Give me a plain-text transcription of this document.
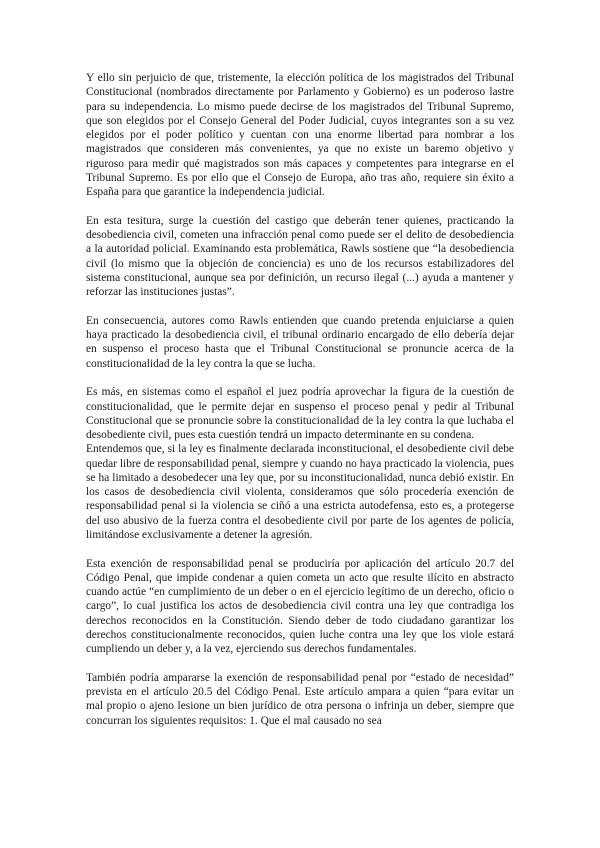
Y ello sin perjuicio de que, tristemente, la elección política de los magistrados del Tribunal Constitucional (nombrados directamente por Parlamento y Gobierno) es un poderoso lastre para su independencia. Lo mismo puede decirse de los magistrados del Tribunal Supremo, que son elegidos por el Consejo General del Poder Judicial, cuyos integrantes son a su vez elegidos por el poder político y cuentan con una enorme libertad para nombrar a los magistrados que consideren más convenientes, ya que no existe un baremo objetivo y riguroso para medir qué magistrados son más capaces y competentes para integrarse en el Tribunal Supremo. Es por ello que el Consejo de Europa, año tras año, requiere sin éxito a España para que garantice la independencia judicial.

En esta tesitura, surge la cuestión del castigo que deberán tener quienes, practicando la desobediencia civil, cometen una infracción penal como puede ser el delito de desobediencia a la autoridad policial. Examinando esta problemática, Rawls sostiene que “la desobediencia civil (lo mismo que la objeción de conciencia) es uno de los recursos estabilizadores del sistema constitucional, aunque sea por definición, un recurso ilegal (...) ayuda a mantener y reforzar las instituciones justas”.

En consecuencia, autores como Rawls entienden que cuando pretenda enjuiciarse a quien haya practicado la desobediencia civil, el tribunal ordinario encargado de ello debería dejar en suspenso el proceso hasta que el Tribunal Constitucional se pronuncie acerca de la constitucionalidad de la ley contra la que se lucha.

Es más, en sistemas como el español el juez podría aprovechar la figura de la cuestión de constitucionalidad, que le permite dejar en suspenso el proceso penal y pedir al Tribunal Constitucional que se pronuncie sobre la constitucionalidad de la ley contra la que luchaba el desobediente civil, pues esta cuestión tendrá un impacto determinante en su condena.

Entendemos que, si la ley es finalmente declarada inconstitucional, el desobediente civil debe quedar libre de responsabilidad penal, siempre y cuando no haya practicado la violencia, pues se ha limitado a desobedecer una ley que, por su inconstitucionalidad, nunca debió existir. En los casos de desobediencia civil violenta, consideramos que sólo procedería exención de responsabilidad penal si la violencia se ciñó a una estricta autodefensa, esto es, a protegerse del uso abusivo de la fuerza contra el desobediente civil por parte de los agentes de policía, limitándose exclusivamente a detener la agresión.

Esta exención de responsabilidad penal se produciría por aplicación del artículo 20.7 del Código Penal, que impide condenar a quien cometa un acto que resulte ilícito en abstracto cuando actúe “en cumplimiento de un deber o en el ejercicio legítimo de un derecho, oficio o cargo”, lo cual justifica los actos de desobediencia civil contra una ley que contradiga los derechos reconocidos en la Constitución. Siendo deber de todo ciudadano garantizar los derechos constitucionalmente reconocidos, quien luche contra una ley que los viole estará cumpliendo un deber y, a la vez, ejerciendo sus derechos fundamentales.

También podría ampararse la exención de responsabilidad penal por “estado de necesidad” prevista en el artículo 20.5 del Código Penal. Este artículo ampara a quien “para evitar un mal propio o ajeno lesione un bien jurídico de otra persona o infrinja un deber, siempre que concurran los siguientes requisitos: 1. Que el mal causado no sea
